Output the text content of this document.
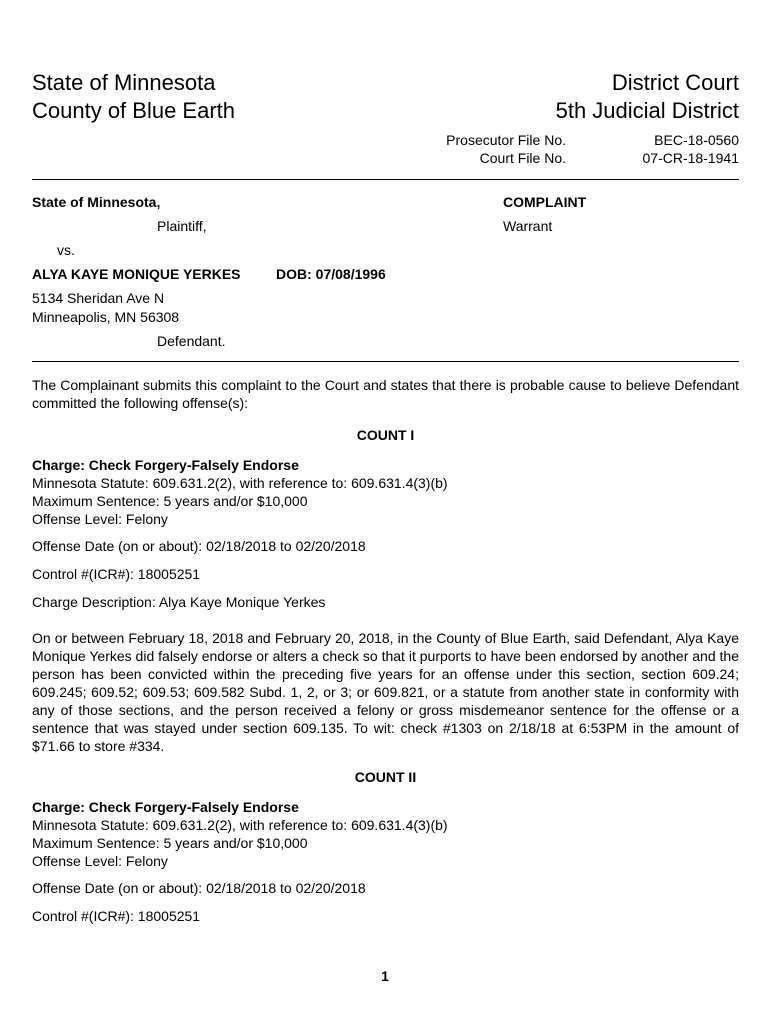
State of Minnesota
County of Blue Earth
District Court
5th Judicial District
Prosecutor File No.	BEC-18-0560
Court File No.	07-CR-18-1941
State of Minnesota,
Plaintiff,
vs.
ALYA KAYE MONIQUE YERKES	DOB: 07/08/1996
5134 Sheridan Ave N
Minneapolis, MN 56308
Defendant.
COMPLAINT
Warrant
The Complainant submits this complaint to the Court and states that there is probable cause to believe Defendant committed the following offense(s):
COUNT I
Charge: Check Forgery-Falsely Endorse
Minnesota Statute: 609.631.2(2), with reference to: 609.631.4(3)(b)
Maximum Sentence: 5 years and/or $10,000
Offense Level: Felony
Offense Date (on or about): 02/18/2018 to 02/20/2018
Control #(ICR#): 18005251
Charge Description: Alya Kaye Monique Yerkes
On or between February 18, 2018 and February 20, 2018, in the County of Blue Earth, said Defendant, Alya Kaye Monique Yerkes did falsely endorse or alters a check so that it purports to have been endorsed by another and the person has been convicted within the preceding five years for an offense under this section, section 609.24; 609.245; 609.52; 609.53; 609.582 Subd. 1, 2, or 3; or 609.821, or a statute from another state in conformity with any of those sections, and the person received a felony or gross misdemeanor sentence for the offense or a sentence that was stayed under section 609.135. To wit: check #1303 on 2/18/18 at 6:53PM in the amount of $71.66 to store #334.
COUNT II
Charge: Check Forgery-Falsely Endorse
Minnesota Statute: 609.631.2(2), with reference to: 609.631.4(3)(b)
Maximum Sentence: 5 years and/or $10,000
Offense Level: Felony
Offense Date (on or about): 02/18/2018 to 02/20/2018
Control #(ICR#): 18005251
1
